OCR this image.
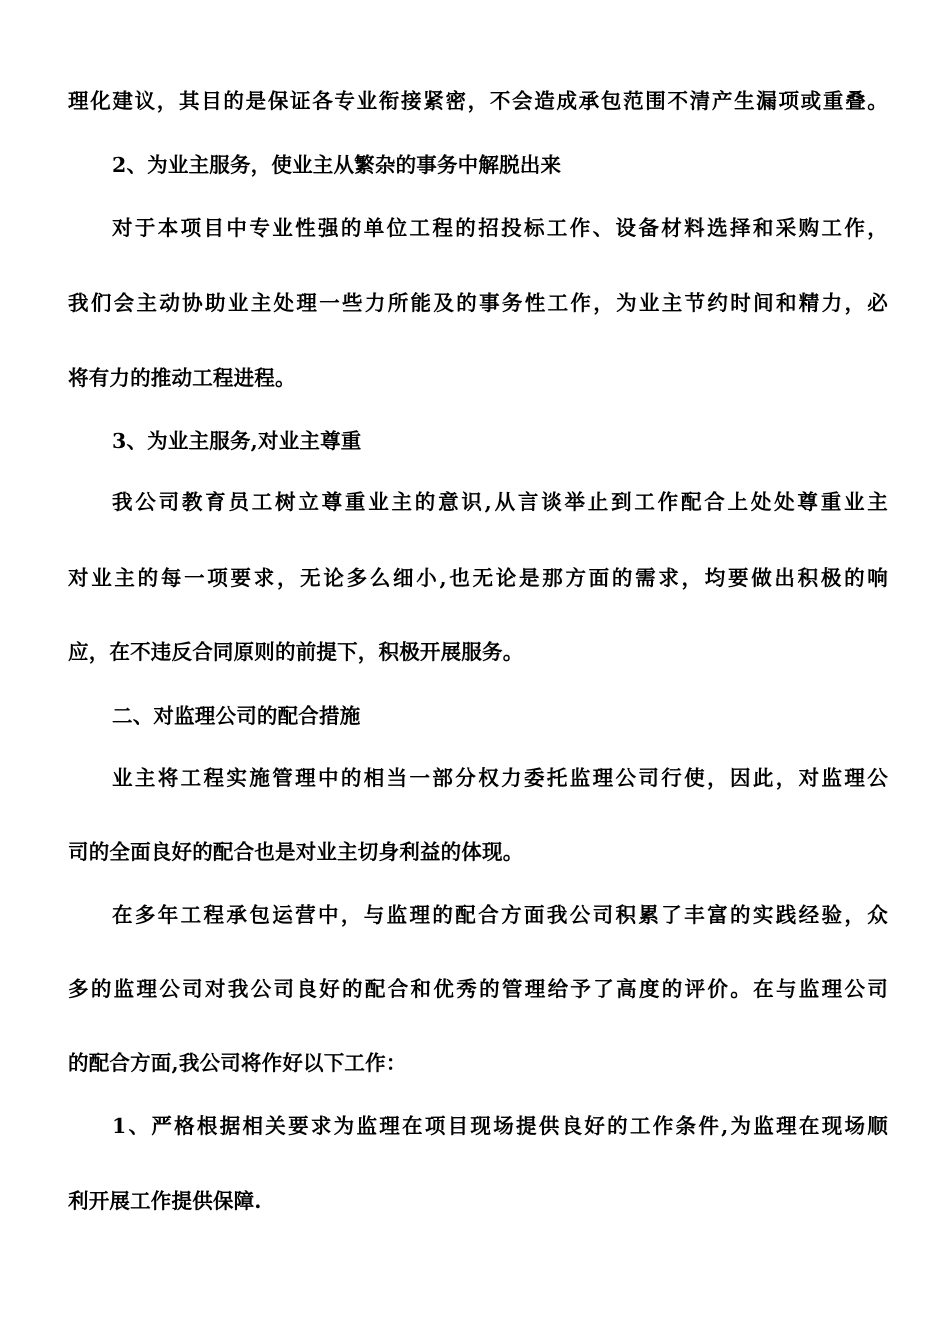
理化建议，其目的是保证各专业衔接紧密，不会造成承包范围不清产生漏项或重叠。
2、为业主服务，使业主从繁杂的事务中解脱出来
对于本项目中专业性强的单位工程的招投标工作、设备材料选择和采购工作，
我们会主动协助业主处理一些力所能及的事务性工作，为业主节约时间和精力，必
将有力的推动工程进程。
3、为业主服务,对业主尊重
我公司教育员工树立尊重业主的意识,从言谈举止到工作配合上处处尊重业主
对业主的每一项要求，无论多么细小,也无论是那方面的需求，均要做出积极的响
应，在不违反合同原则的前提下，积极开展服务。
二、对监理公司的配合措施
业主将工程实施管理中的相当一部分权力委托监理公司行使，因此，对监理公
司的全面良好的配合也是对业主切身利益的体现。
在多年工程承包运营中，与监理的配合方面我公司积累了丰富的实践经验，众
多的监理公司对我公司良好的配合和优秀的管理给予了高度的评价。在与监理公司
的配合方面,我公司将作好以下工作：
1、严格根据相关要求为监理在项目现场提供良好的工作条件,为监理在现场顺
利开展工作提供保障.
